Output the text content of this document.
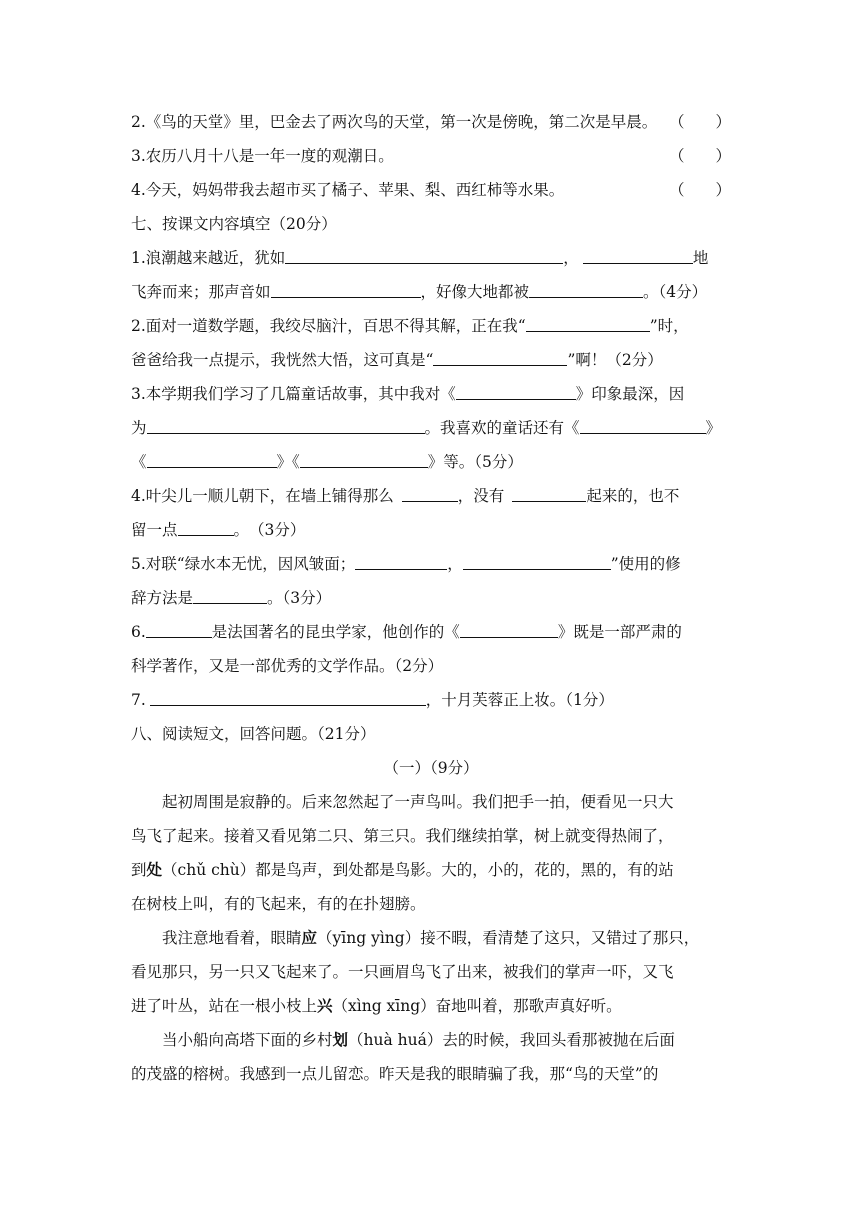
2.《鸟的天堂》里，巴金去了两次鸟的天堂，第一次是傍晚，第二次是早晨。 （　　）
3.农历八月十八是一年一度的观潮日。	（　　）
4.今天，妈妈带我去超市买了橘子、苹果、梨、西红柿等水果。	（　　）
七、按课文内容填空（20分）
1.浪潮越来越近，犹如	，	地
飞奔而来；那声音如	，好像大地都被	。（4分）
2.面对一道数学题，我绞尽脑汁，百思不得其解，正在我“	”时，
爸爸给我一点提示，我恍然大悟，这可真是“	”啊！（2分）
3.本学期我们学习了几篇童话故事，其中我对《	》印象最深，因
为	。我喜欢的童话还有《	》
《	》《	》等。（5分）
4.叶尖儿一顺儿朝下，在墙上铺得那么	，没有	起来的，也不
留一点	。　（3分）
5.对联“绿水本无忧，因风皱面；	，	”使用的修
辞方法是	。（3分）
6.	是法国著名的昆虫学家，他创作的《	》既是一部严肃的
科学著作，又是一部优秀的文学作品。（2分）
7.	，十月芙蓉正上妆。（1分）
八、阅读短文，回答问题。（21分）
（一）（9分）
起初周围是寂静的。后来忽然起了一声鸟叫。我们把手一拍，便看见一只大
鸟飞了起来。接着又看见第二只、第三只。我们继续拍掌，树上就变得热闹了，
到处（chǔ chù）都是鸟声，到处都是鸟影。大的，小的，花的，黑的，有的站
在树枝上叫，有的飞起来，有的在扑翅膀。
我注意地看着，眼睛应（yīng yìng）接不暇，看清楚了这只，又错过了那只，
看见那只，另一只又飞起来了。一只画眉鸟飞了出来，被我们的掌声一吓，又飞
进了叶丛，站在一根小枝上兴（xìng xīng）奋地叫着，那歌声真好听。
当小船向高塔下面的乡村划（huà huá）去的时候，我回头看那被抛在后面
的茂盛的榕树。我感到一点儿留恋。昨天是我的眼睛骗了我，那“鸟的天堂”的
